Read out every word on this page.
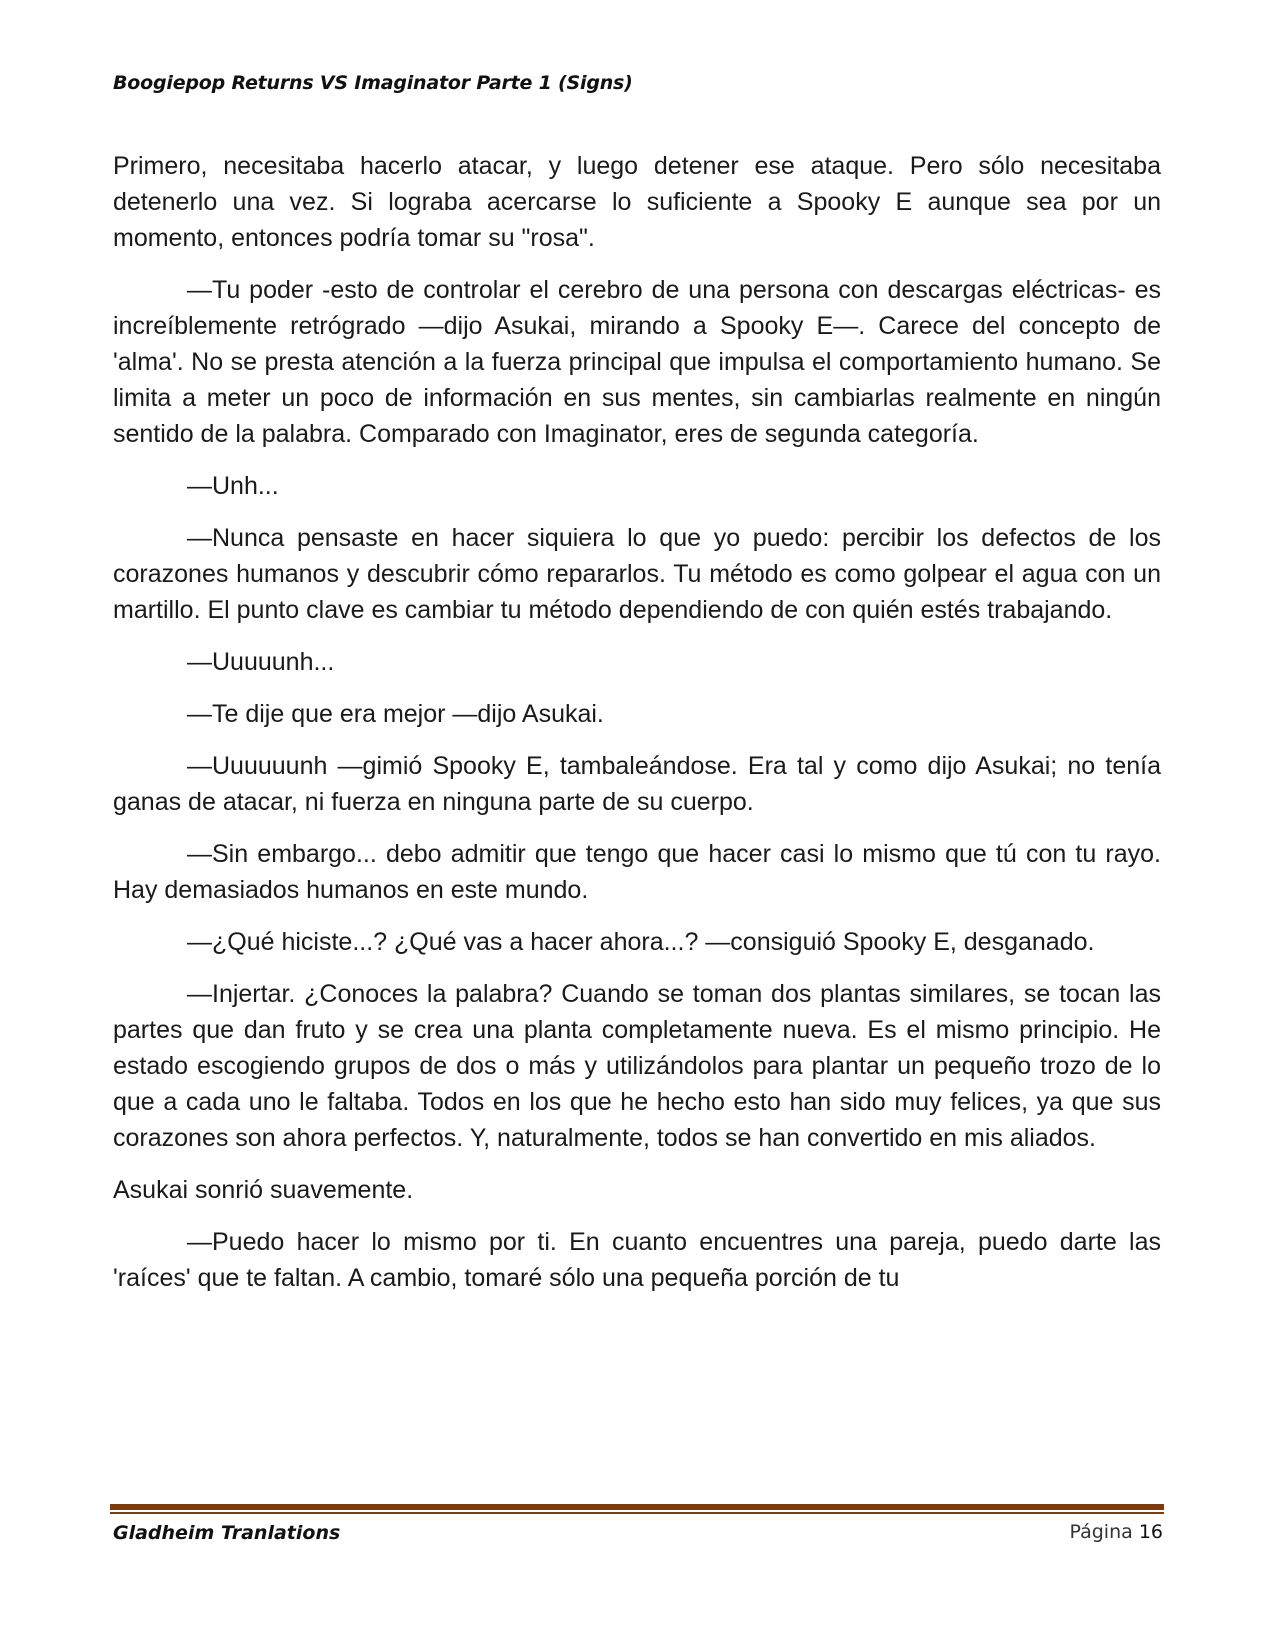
Boogiepop Returns VS Imaginator Parte 1 (Signs)

Primero, necesitaba hacerlo atacar, y luego detener ese ataque. Pero sólo necesitaba detenerlo una vez. Si lograba acercarse lo suficiente a Spooky E aunque sea por un momento, entonces podría tomar su "rosa".

—Tu poder -esto de controlar el cerebro de una persona con descargas eléctricas- es increíblemente retrógrado —dijo Asukai, mirando a Spooky E—. Carece del concepto de 'alma'. No se presta atención a la fuerza principal que impulsa el comportamiento humano. Se limita a meter un poco de información en sus mentes, sin cambiarlas realmente en ningún sentido de la palabra. Comparado con Imaginator, eres de segunda categoría.

—Unh...

—Nunca pensaste en hacer siquiera lo que yo puedo: percibir los defectos de los corazones humanos y descubrir cómo repararlos. Tu método es como golpear el agua con un martillo. El punto clave es cambiar tu método dependiendo de con quién estés trabajando.

—Uuuuunh...

—Te dije que era mejor —dijo Asukai.

—Uuuuuunh —gimió Spooky E, tambaleándose. Era tal y como dijo Asukai; no tenía ganas de atacar, ni fuerza en ninguna parte de su cuerpo.

—Sin embargo... debo admitir que tengo que hacer casi lo mismo que tú con tu rayo. Hay demasiados humanos en este mundo.

—¿Qué hiciste...? ¿Qué vas a hacer ahora...? —consiguió Spooky E, desganado.

—Injertar. ¿Conoces la palabra? Cuando se toman dos plantas similares, se tocan las partes que dan fruto y se crea una planta completamente nueva. Es el mismo principio. He estado escogiendo grupos de dos o más y utilizándolos para plantar un pequeño trozo de lo que a cada uno le faltaba. Todos en los que he hecho esto han sido muy felices, ya que sus corazones son ahora perfectos. Y, naturalmente, todos se han convertido en mis aliados.

Asukai sonrió suavemente.

—Puedo hacer lo mismo por ti. En cuanto encuentres una pareja, puedo darte las 'raíces' que te faltan. A cambio, tomaré sólo una pequeña porción de tu

Gladheim Tranlations	Página 16
